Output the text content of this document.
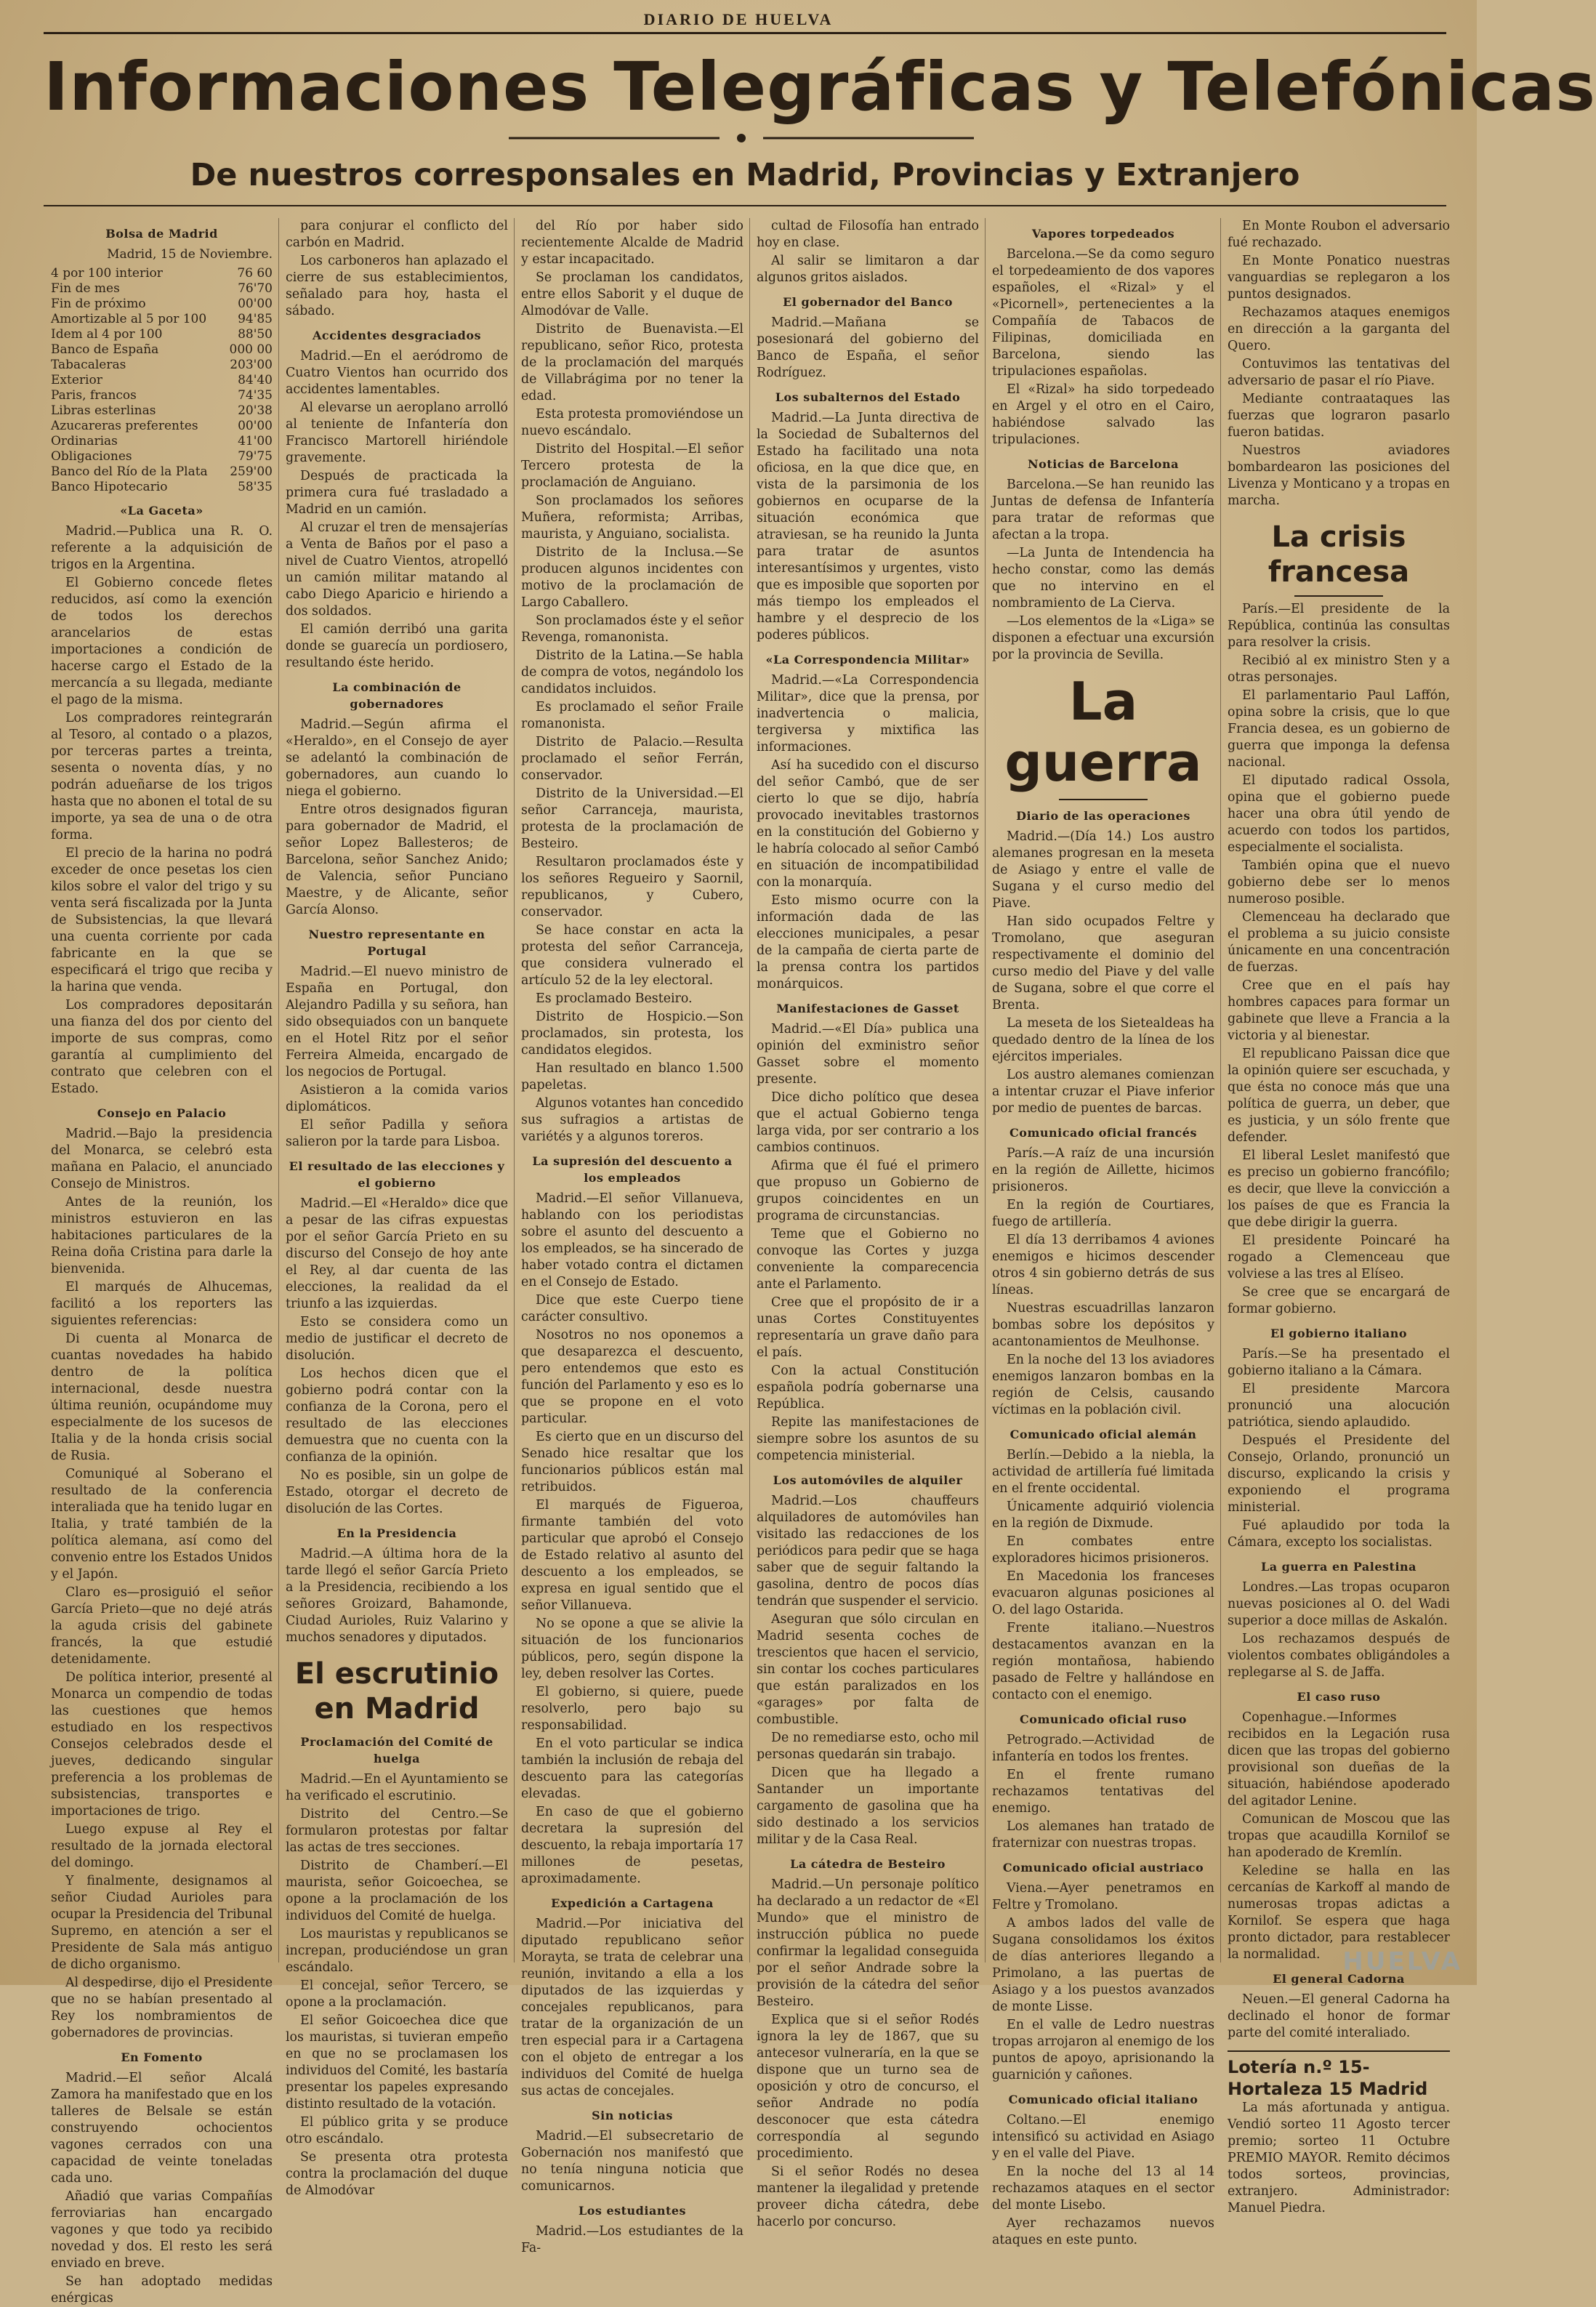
DIARIO DE HUELVA
Informaciones Telegráficas y Telefónicas
De nuestros corresponsales en Madrid, Provincias y Extranjero
Bolsa de Madrid
Madrid, 15 de Noviembre.
4 por 100 interior	76 60
Fin de mes	76'70
Fin de próximo	00'00
Amortizable al 5 por 100	94'85
Idem al 4 por 100	88'50
Banco de España	000 00
Tabacaleras	203'00
Exterior	84'40
Paris, francos	74'35
Libras esterlinas	20'38
Azucareras preferentes	00'00
Ordinarias	41'00
Obligaciones	79'75
Banco del Río de la Plata	259'00
Banco Hipotecario	58'35
«La Gaceta»

Madrid.—Publica una R. O. referente a la adquisición de trigos en la Argentina.

El Gobierno concede fletes reducidos, así como la exención de todos los derechos arancelarios de estas importaciones a condición de hacerse cargo el Estado de la mercancía a su llegada, mediante el pago de la misma.

Los compradores reintegrarán al Tesoro, al contado o a plazos, por terceras partes a treinta, sesenta o noventa días, y no podrán adueñarse de los trigos hasta que no abonen el total de su importe, ya sea de una o de otra forma.

El precio de la harina no podrá exceder de once pesetas los cien kilos sobre el valor del trigo y su venta será fiscalizada por la Junta de Subsistencias, la que llevará una cuenta corriente por cada fabricante en la que se especificará el trigo que reciba y la harina que venda.

Los compradores depositarán una fianza del dos por ciento del importe de sus compras, como garantía al cumplimiento del contrato que celebren con el Estado.

Consejo en Palacio

Madrid.—Bajo la presidencia del Monarca, se celebró esta mañana en Palacio, el anunciado Consejo de Ministros.

Antes de la reunión, los ministros estuvieron en las habitaciones particulares de la Reina doña Cristina para darle la bienvenida.

El marqués de Alhucemas, facilitó a los reporters las siguientes referencias:

Di cuenta al Monarca de cuantas novedades ha habido dentro de la política internacional, desde nuestra última reunión, ocupándome muy especialmente de los sucesos de Italia y de la honda crisis social de Rusia.

Comuniqué al Soberano el resultado de la conferencia interaliada que ha tenido lugar en Italia, y traté también de la política alemana, así como del convenio entre los Estados Unidos y el Japón.

Claro es—prosiguió el señor García Prieto—que no dejé atrás la aguda crisis del gabinete francés, la que estudié detenidamente.

De política interior, presenté al Monarca un compendio de todas las cuestiones que hemos estudiado en los respectivos Consejos celebrados desde el jueves, dedicando singular preferencia a los problemas de subsistencias, transportes e importaciones de trigo.

Luego expuse al Rey el resultado de la jornada electoral del domingo.

Y finalmente, designamos al señor Ciudad Aurioles para ocupar la Presidencia del Tribunal Supremo, en atención a ser el Presidente de Sala más antiguo de dicho organismo.

Al despedirse, dijo el Presidente que no se habían presentado al Rey los nombramientos de gobernadores de provincias.

En Fomento

Madrid.—El señor Alcalá Zamora ha manifestado que en los talleres de Belsale se están construyendo ochocientos vagones cerrados con una capacidad de veinte toneladas cada uno.

Añadió que varias Compañías ferroviarias han encargado vagones y que todo ya recibido novedad y dos. El resto les será enviado en breve.

Se han adoptado medidas enérgicas

para conjurar el conflicto del carbón en Madrid.

Los carboneros han aplazado el cierre de sus establecimientos, señalado para hoy, hasta el sábado.

Accidentes desgraciados

Madrid.—En el aeródromo de Cuatro Vientos han ocurrido dos accidentes lamentables.

Al elevarse un aeroplano arrolló al teniente de Infantería don Francisco Martorell hiriéndole gravemente.

Después de practicada la primera cura fué trasladado a Madrid en un camión.

Al cruzar el tren de mensajerías a Venta de Baños por el paso a nivel de Cuatro Vientos, atropelló un camión militar matando al cabo Diego Aparicio e hiriendo a dos soldados.

El camión derribó una garita donde se guarecía un pordiosero, resultando éste herido.

La combinación de gobernadores

Madrid.—Según afirma el «Heraldo», en el Consejo de ayer se adelantó la combinación de gobernadores, aun cuando lo niega el gobierno.

Entre otros designados figuran para gobernador de Madrid, el señor Lopez Ballesteros; de Barcelona, señor Sanchez Anido; de Valencia, señor Punciano Maestre, y de Alicante, señor García Alonso.

Nuestro representante en Portugal

Madrid.—El nuevo ministro de España en Portugal, don Alejandro Padilla y su señora, han sido obsequiados con un banquete en el Hotel Ritz por el señor Ferreira Almeida, encargado de los negocios de Portugal.

Asistieron a la comida varios diplomáticos.

El señor Padilla y señora salieron por la tarde para Lisboa.

El resultado de las elecciones y el gobierno

Madrid.—El «Heraldo» dice que a pesar de las cifras expuestas por el señor García Prieto en su discurso del Consejo de hoy ante el Rey, al dar cuenta de las elecciones, la realidad da el triunfo a las izquierdas.

Esto se considera como un medio de justificar el decreto de disolución.

Los hechos dicen que el gobierno podrá contar con la confianza de la Corona, pero el resultado de las elecciones demuestra que no cuenta con la confianza de la opinión.

No es posible, sin un golpe de Estado, otorgar el decreto de disolución de las Cortes.

En la Presidencia

Madrid.—A última hora de la tarde llegó el señor García Prieto a la Presidencia, recibiendo a los señores Groizard, Bahamonde, Ciudad Aurioles, Ruiz Valarino y muchos senadores y diputados.

El escrutinio en Madrid
Proclamación del Comité de huelga

Madrid.—En el Ayuntamiento se ha verificado el escrutinio.

Distrito del Centro.—Se formularon protestas por faltar las actas de tres secciones.

Distrito de Chamberí.—El maurista, señor Goicoechea, se opone a la proclamación de los individuos del Comité de huelga.

Los mauristas y republicanos se increpan, produciéndose un gran escándalo.

El concejal, señor Tercero, se opone a la proclamación.

El señor Goicoechea dice que los mauristas, si tuvieran empeño en que no se proclamasen los individuos del Comité, les bastaría presentar los papeles expresando distinto resultado de la votación.

El público grita y se produce otro escándalo.

Se presenta otra protesta contra la proclamación del duque de Almodóvar

del Río por haber sido recientemente Alcalde de Madrid y estar incapacitado.

Se proclaman los candidatos, entre ellos Saborit y el duque de Almodóvar de Valle.

Distrito de Buenavista.—El republicano, señor Rico, protesta de la proclamación del marqués de Villabrágima por no tener la edad.

Esta protesta promoviéndose un nuevo escándalo.

Distrito del Hospital.—El señor Tercero protesta de la proclamación de Anguiano.

Son proclamados los señores Muñera, reformista; Arribas, maurista, y Anguiano, socialista.

Distrito de la Inclusa.—Se producen algunos incidentes con motivo de la proclamación de Largo Caballero.

Son proclamados éste y el señor Revenga, romanonista.

Distrito de la Latina.—Se habla de compra de votos, negándolo los candidatos incluidos.

Es proclamado el señor Fraile romanonista.

Distrito de Palacio.—Resulta proclamado el señor Ferrán, conservador.

Distrito de la Universidad.—El señor Carranceja, maurista, protesta de la proclamación de Besteiro.

Resultaron proclamados éste y los señores Regueiro y Saornil, republicanos, y Cubero, conservador.

Se hace constar en acta la protesta del señor Carranceja, que considera vulnerado el artículo 52 de la ley electoral.

Es proclamado Besteiro.

Distrito de Hospicio.—Son proclamados, sin protesta, los candidatos elegidos.

Han resultado en blanco 1.500 papeletas.

Algunos votantes han concedido sus sufragios a artistas de variétés y a algunos toreros.

La supresión del descuento a los empleados

Madrid.—El señor Villanueva, hablando con los periodistas sobre el asunto del descuento a los empleados, se ha sincerado de haber votado contra el dictamen en el Consejo de Estado.

Dice que este Cuerpo tiene carácter consultivo.

Nosotros no nos oponemos a que desaparezca el descuento, pero entendemos que esto es función del Parlamento y eso es lo que se propone en el voto particular.

Es cierto que en un discurso del Senado hice resaltar que los funcionarios públicos están mal retribuidos.

El marqués de Figueroa, firmante también del voto particular que aprobó el Consejo de Estado relativo al asunto del descuento a los empleados, se expresa en igual sentido que el señor Villanueva.

No se opone a que se alivie la situación de los funcionarios públicos, pero, según dispone la ley, deben resolver las Cortes.

El gobierno, si quiere, puede resolverlo, pero bajo su responsabilidad.

En el voto particular se indica también la inclusión de rebaja del descuento para las categorías elevadas.

En caso de que el gobierno decretara la supresión del descuento, la rebaja importaría 17 millones de pesetas, aproximadamente.

Expedición a Cartagena

Madrid.—Por iniciativa del diputado republicano señor Morayta, se trata de celebrar una reunión, invitando a ella a los diputados de las izquierdas y concejales republicanos, para tratar de la organización de un tren especial para ir a Cartagena con el objeto de entregar a los individuos del Comité de huelga sus actas de concejales.

Sin noticias

Madrid.—El subsecretario de Gobernación nos manifestó que no tenía ninguna noticia que comunicarnos.

Los estudiantes

Madrid.—Los estudiantes de la Fa-

cultad de Filosofía han entrado hoy en clase.

Al salir se limitaron a dar algunos gritos aislados.

El gobernador del Banco

Madrid.—Mañana se posesionará del gobierno del Banco de España, el señor Rodríguez.

Los subalternos del Estado

Madrid.—La Junta directiva de la Sociedad de Subalternos del Estado ha facilitado una nota oficiosa, en la que dice que, en vista de la parsimonia de los gobiernos en ocuparse de la situación económica que atraviesan, se ha reunido la Junta para tratar de asuntos interesantísimos y urgentes, visto que es imposible que soporten por más tiempo los empleados el hambre y el desprecio de los poderes públicos.

«La Correspondencia Militar»

Madrid.—«La Correspondencia Militar», dice que la prensa, por inadvertencia o malicia, tergiversa y mixtifica las informaciones.

Así ha sucedido con el discurso del señor Cambó, que de ser cierto lo que se dijo, habría provocado inevitables trastornos en la constitución del Gobierno y le habría colocado al señor Cambó en situación de incompatibilidad con la monarquía.

Esto mismo ocurre con la información dada de las elecciones municipales, a pesar de la campaña de cierta parte de la prensa contra los partidos monárquicos.

Manifestaciones de Gasset

Madrid.—«El Día» publica una opinión del exministro señor Gasset sobre el momento presente.

Dice dicho político que desea que el actual Gobierno tenga larga vida, por ser contrario a los cambios continuos.

Afirma que él fué el primero que propuso un Gobierno de grupos coincidentes en un programa de circunstancias.

Teme que el Gobierno no convoque las Cortes y juzga conveniente la comparecencia ante el Parlamento.

Cree que el propósito de ir a unas Cortes Constituyentes representaría un grave daño para el país.

Con la actual Constitución española podría gobernarse una República.

Repite las manifestaciones de siempre sobre los asuntos de su competencia ministerial.

Los automóviles de alquiler

Madrid.—Los chauffeurs alquiladores de automóviles han visitado las redacciones de los periódicos para pedir que se haga saber que de seguir faltando la gasolina, dentro de pocos días tendrán que suspender el servicio.

Aseguran que sólo circulan en Madrid sesenta coches de trescientos que hacen el servicio, sin contar los coches particulares que están paralizados en los «garages» por falta de combustible.

De no remediarse esto, ocho mil personas quedarán sin trabajo.

Dicen que ha llegado a Santander un importante cargamento de gasolina que ha sido destinado a los servicios militar y de la Casa Real.

La cátedra de Besteiro

Madrid.—Un personaje político ha declarado a un redactor de «El Mundo» que el ministro de instrucción pública no puede confirmar la legalidad conseguida por el señor Andrade sobre la provisión de la cátedra del señor Besteiro.

Explica que si el señor Rodés ignora la ley de 1867, que su antecesor vulneraría, en la que se dispone que un turno sea de oposición y otro de concurso, el señor Andrade no podía desconocer que esta cátedra correspondía al segundo procedimiento.

Si el señor Rodés no desea mantener la ilegalidad y pretende proveer dicha cátedra, debe hacerlo por concurso.

Vapores torpedeados

Barcelona.—Se da como seguro el torpedeamiento de dos vapores españoles, el «Rizal» y el «Picornell», pertenecientes a la Compañía de Tabacos de Filipinas, domiciliada en Barcelona, siendo las tripulaciones españolas.

El «Rizal» ha sido torpedeado en Argel y el otro en el Cairo, habiéndose salvado las tripulaciones.

Noticias de Barcelona

Barcelona.—Se han reunido las Juntas de defensa de Infantería para tratar de reformas que afectan a la tropa.

—La Junta de Intendencia ha hecho constar, como las demás que no intervino en el nombramiento de La Cierva.

—Los elementos de la «Liga» se disponen a efectuar una excursión por la provincia de Sevilla.

La guerra
Diario de las operaciones

Madrid.—(Día 14.) Los austro alemanes progresan en la meseta de Asiago y entre el valle de Sugana y el curso medio del Piave.

Han sido ocupados Feltre y Tromolano, que aseguran respectivamente el dominio del curso medio del Piave y del valle de Sugana, sobre el que corre el Brenta.

La meseta de los Sietealdeas ha quedado dentro de la línea de los ejércitos imperiales.

Los austro alemanes comienzan a intentar cruzar el Piave inferior por medio de puentes de barcas.

Comunicado oficial francés

París.—A raíz de una incursión en la región de Aillette, hicimos prisioneros.

En la región de Courtiares, fuego de artillería.

El día 13 derribamos 4 aviones enemigos e hicimos descender otros 4 sin gobierno detrás de sus líneas.

Nuestras escuadrillas lanzaron bombas sobre los depósitos y acantonamientos de Meulhonse.

En la noche del 13 los aviadores enemigos lanzaron bombas en la región de Celsis, causando víctimas en la población civil.

Comunicado oficial alemán

Berlín.—Debido a la niebla, la actividad de artillería fué limitada en el frente occidental.

Únicamente adquirió violencia en la región de Dixmude.

En combates entre exploradores hicimos prisioneros.

En Macedonia los franceses evacuaron algunas posiciones al O. del lago Ostarida.

Frente italiano.—Nuestros destacamentos avanzan en la región montañosa, habiendo pasado de Feltre y hallándose en contacto con el enemigo.

Comunicado oficial ruso

Petrogrado.—Actividad de infantería en todos los frentes.

En el frente rumano rechazamos tentativas del enemigo.

Los alemanes han tratado de fraternizar con nuestras tropas.

Comunicado oficial austriaco

Viena.—Ayer penetramos en Feltre y Tromolano.

A ambos lados del valle de Sugana consolidamos los éxitos de días anteriores llegando a Primolano, a las puertas de Asiago y a los puestos avanzados de monte Lisse.

En el valle de Ledro nuestras tropas arrojaron al enemigo de los puntos de apoyo, aprisionando la guarnición y cañones.

Comunicado oficial italiano

Coltano.—El enemigo intensificó su actividad en Asiago y en el valle del Piave.

En la noche del 13 al 14 rechazamos ataques en el sector del monte Lisebo.

Ayer rechazamos nuevos ataques en este punto.

En Monte Roubon el adversario fué rechazado.

En Monte Ponatico nuestras vanguardias se replegaron a los puntos designados.

Rechazamos ataques enemigos en dirección a la garganta del Quero.

Contuvimos las tentativas del adversario de pasar el río Piave.

Mediante contraataques las fuerzas que lograron pasarlo fueron batidas.

Nuestros aviadores bombardearon las posiciones del Livenza y Monticano y a tropas en marcha.

La crisis francesa

París.—El presidente de la República, continúa las consultas para resolver la crisis.

Recibió al ex ministro Sten y a otras personajes.

El parlamentario Paul Laffón, opina sobre la crisis, que lo que Francia desea, es un gobierno de guerra que imponga la defensa nacional.

El diputado radical Ossola, opina que el gobierno puede hacer una obra útil yendo de acuerdo con todos los partidos, especialmente el socialista.

También opina que el nuevo gobierno debe ser lo menos numeroso posible.

Clemenceau ha declarado que el problema a su juicio consiste únicamente en una concentración de fuerzas.

Cree que en el país hay hombres capaces para formar un gabinete que lleve a Francia a la victoria y al bienestar.

El republicano Paissan dice que la opinión quiere ser escuchada, y que ésta no conoce más que una política de guerra, un deber, que es justicia, y un sólo frente que defender.

El liberal Leslet manifestó que es preciso un gobierno francófilo; es decir, que lleve la convicción a los países de que es Francia la que debe dirigir la guerra.

El presidente Poincaré ha rogado a Clemenceau que volviese a las tres al Elíseo.

Se cree que se encargará de formar gobierno.

El gobierno italiano

París.—Se ha presentado el gobierno italiano a la Cámara.

El presidente Marcora pronunció una alocución patriótica, siendo aplaudido.

Después el Presidente del Consejo, Orlando, pronunció un discurso, explicando la crisis y exponiendo el programa ministerial.

Fué aplaudido por toda la Cámara, excepto los socialistas.

La guerra en Palestina

Londres.—Las tropas ocuparon nuevas posiciones al O. del Wadi superior a doce millas de Askalón.

Los rechazamos después de violentos combates obligándoles a replegarse al S. de Jaffa.

El caso ruso

Copenhague.—Informes recibidos en la Legación rusa dicen que las tropas del gobierno provisional son dueñas de la situación, habiéndose apoderado del agitador Lenine.

Comunican de Moscou que las tropas que acaudilla Kornilof se han apoderado de Kremlín.

Keledine se halla en las cercanías de Karkoff al mando de numerosas tropas adictas a Kornilof. Se espera que haga pronto dictador, para restablecer la normalidad.

El general Cadorna

Neuen.—El general Cadorna ha declinado el honor de formar parte del comité interaliado.

Lotería n.º 15-Hortaleza 15 Madrid

La más afortunada y antigua. Vendió sorteo 11 Agosto tercer premio; sorteo 11 Octubre PREMIO MAYOR. Remito décimos todos sorteos, provincias, extranjero. Administrador: Manuel Piedra.

HUELVA
